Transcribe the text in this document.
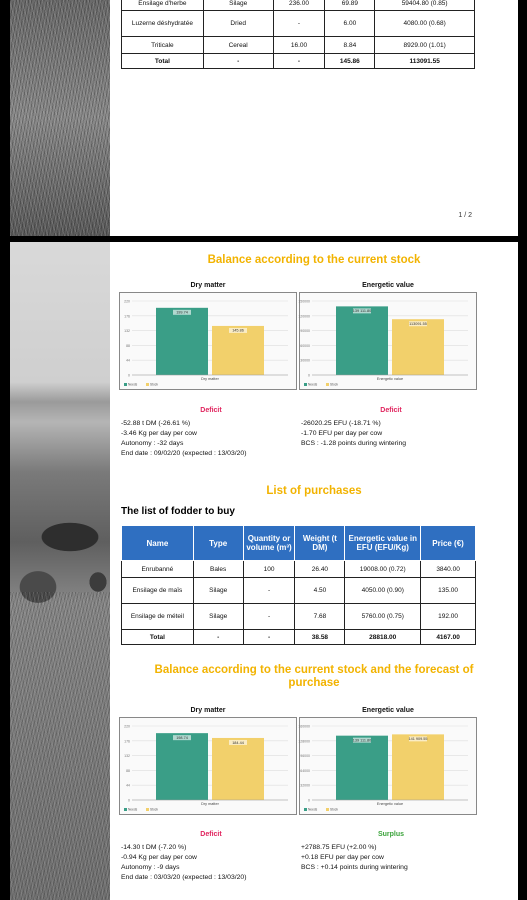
Ensilage d'herbe	Silage	236.00	69.89	59404.80 (0.85)
Luzerne déshydratée	Dried	-	6.00	4080.00 (0.68)
Triticale	Cereal	16.00	8.84	8929.00 (1.01)
Total	-	-	145.86	113091.55
1 / 2
Balance according to the current stock
Dry matter
0
44
88
132
176
220
199.74
145.86
Dry matter
Needs	Stock
Energetic value
0
30000
60000
90000
120000
150000
139 111.80
113091.55
Energetic value
Needs	Stock
Deficit	Deficit
-52.88 t DM (-26.61 %)
-3.46 Kg per day per cow
Autonomy : -32 days
End date : 09/02/20 (expected : 13/03/20)
-26020.25 EFU (-18.71 %)
-1.70 EFU per day per cow
BCS : -1.28 points during wintering
List of purchases
The list of fodder to buy
Name	Type	Quantity or volume (m³)	Weight (t DM)	Energetic value in EFU (EFU/Kg)	Price (€)
Enrubanné	Bales	100	26.40	19008.00 (0.72)	3840.00
Ensilage de maïs	Silage	-	4.50	4050.00 (0.90)	135.00
Ensilage de méteil	Silage	-	7.68	5760.00 (0.75)	192.00
Total	-	-	38.58	28818.00	4167.00
Balance according to the current stock and the forecast of purchase
Dry matter
0
44
88
132
176
220
198.74
184.44
Dry matter
Needs	Stock
Energetic value
0
32000
64000
96000
128000
160000
139 111.80	141 909.55
Energetic value
Needs	Stock
Deficit	Surplus
-14.30 t DM (-7.20 %)
-0.94 Kg per day per cow
Autonomy : -9 days
End date : 03/03/20 (expected : 13/03/20)
+2788.75 EFU (+2.00 %)
+0.18 EFU per day per cow
BCS : +0.14 points during wintering
